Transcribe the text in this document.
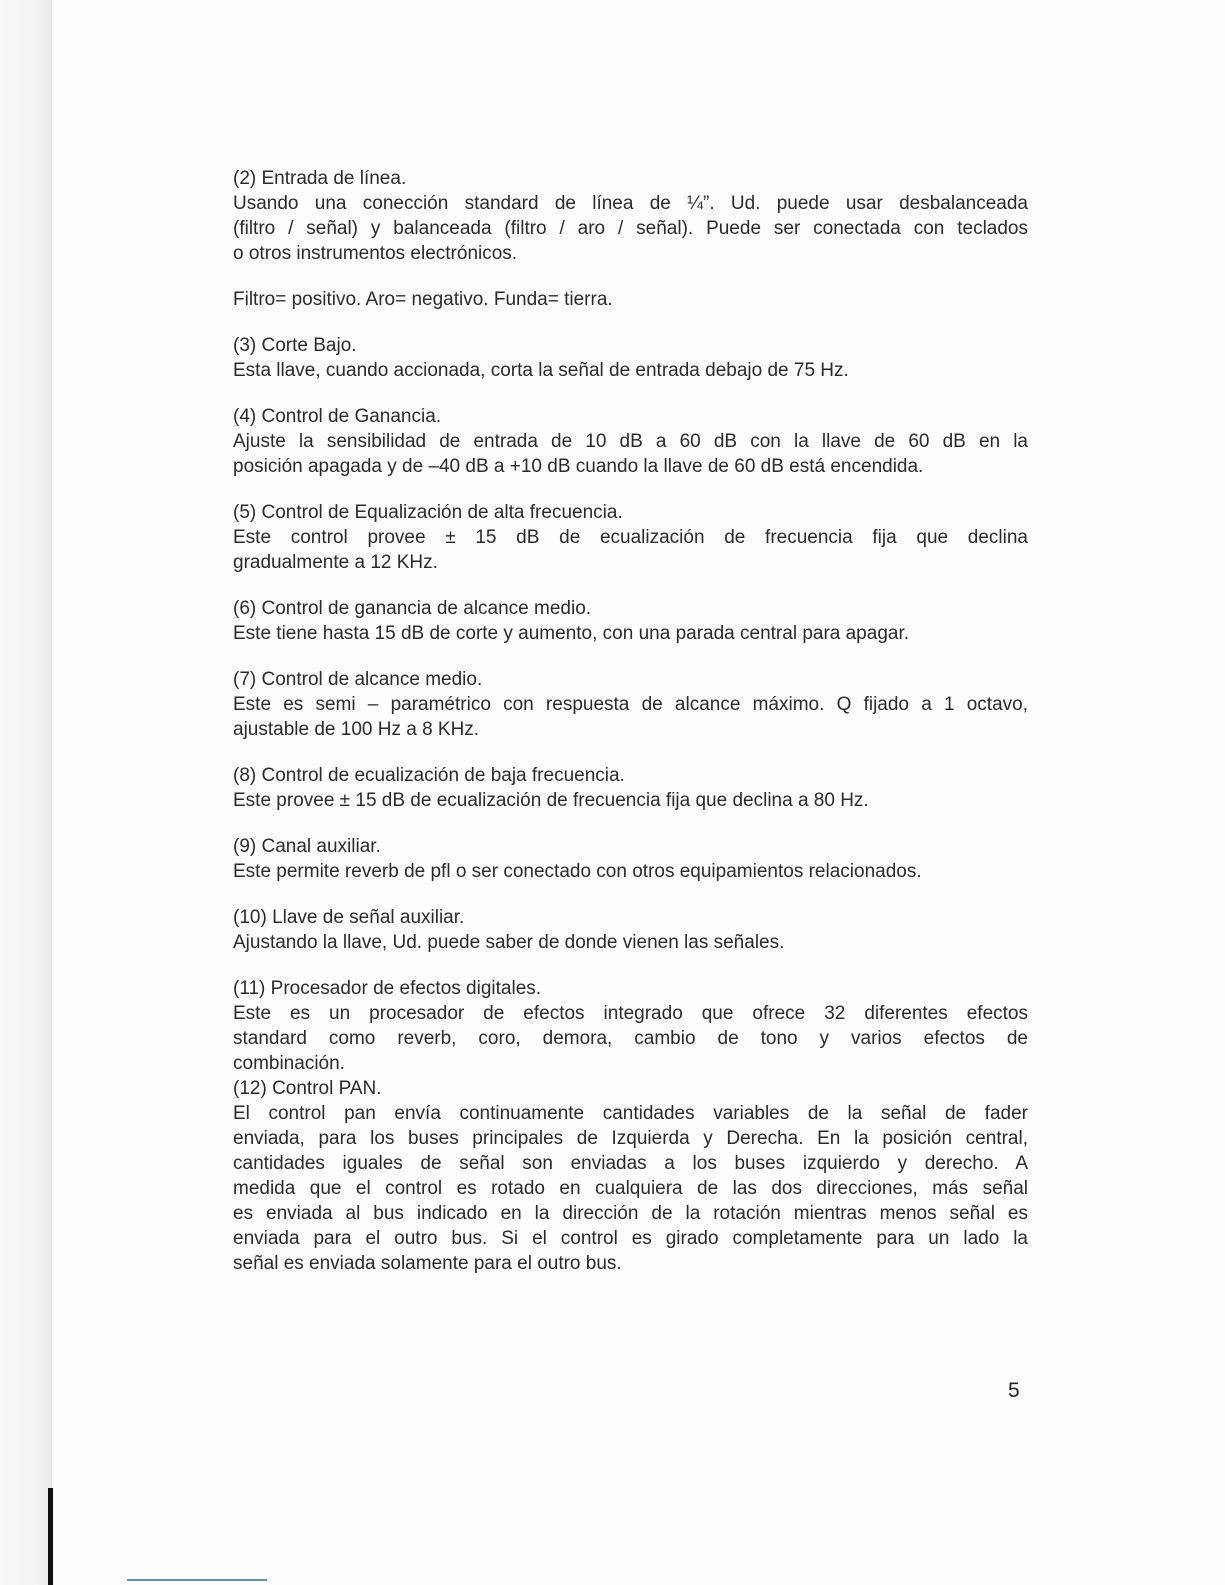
(2) Entrada de línea.
Usando una conección standard de línea de ¼”. Ud. puede usar desbalanceada
(filtro / señal) y balanceada (filtro / aro / señal). Puede ser conectada con teclados
o otros instrumentos electrónicos.
Filtro= positivo. Aro= negativo. Funda= tierra.
(3) Corte Bajo.
Esta llave, cuando accionada, corta la señal de entrada debajo de 75 Hz.
(4) Control de Ganancia.
Ajuste la sensibilidad de entrada de 10 dB a 60 dB con la llave de 60 dB en la
posición apagada y de –40 dB a +10 dB cuando la llave de 60 dB está encendida.
(5) Control de Equalización de alta frecuencia.
Este control provee ± 15 dB de ecualización de frecuencia fija que declina
gradualmente a 12 KHz.
(6) Control de ganancia de alcance medio.
Este tiene hasta 15 dB de corte y aumento, con una parada central para apagar.
(7) Control de alcance medio.
Este es semi – paramétrico con respuesta de alcance máximo. Q fijado a 1 octavo,
ajustable de 100 Hz a 8 KHz.
(8) Control de ecualización de baja frecuencia.
Este provee ± 15 dB de ecualización de frecuencia fija que declina a 80 Hz.
(9) Canal auxiliar.
Este permite reverb de pfl o ser conectado con otros equipamientos relacionados.
(10) Llave de señal auxiliar.
Ajustando la llave, Ud. puede saber de donde vienen las señales.
(11) Procesador de efectos digitales.
Este es un procesador de efectos integrado que ofrece 32 diferentes efectos
standard como reverb, coro, demora, cambio de tono y varios efectos de
combinación.
(12) Control PAN.
El control pan envía continuamente cantidades variables de la señal de fader
enviada, para los buses principales de Izquierda y Derecha. En la posición central,
cantidades iguales de señal son enviadas a los buses izquierdo y derecho. A
medida que el control es rotado en cualquiera de las dos direcciones, más señal
es enviada al bus indicado en la dirección de la rotación mientras menos señal es
enviada para el outro bus. Si el control es girado completamente para un lado la
señal es enviada solamente para el outro bus.
5
